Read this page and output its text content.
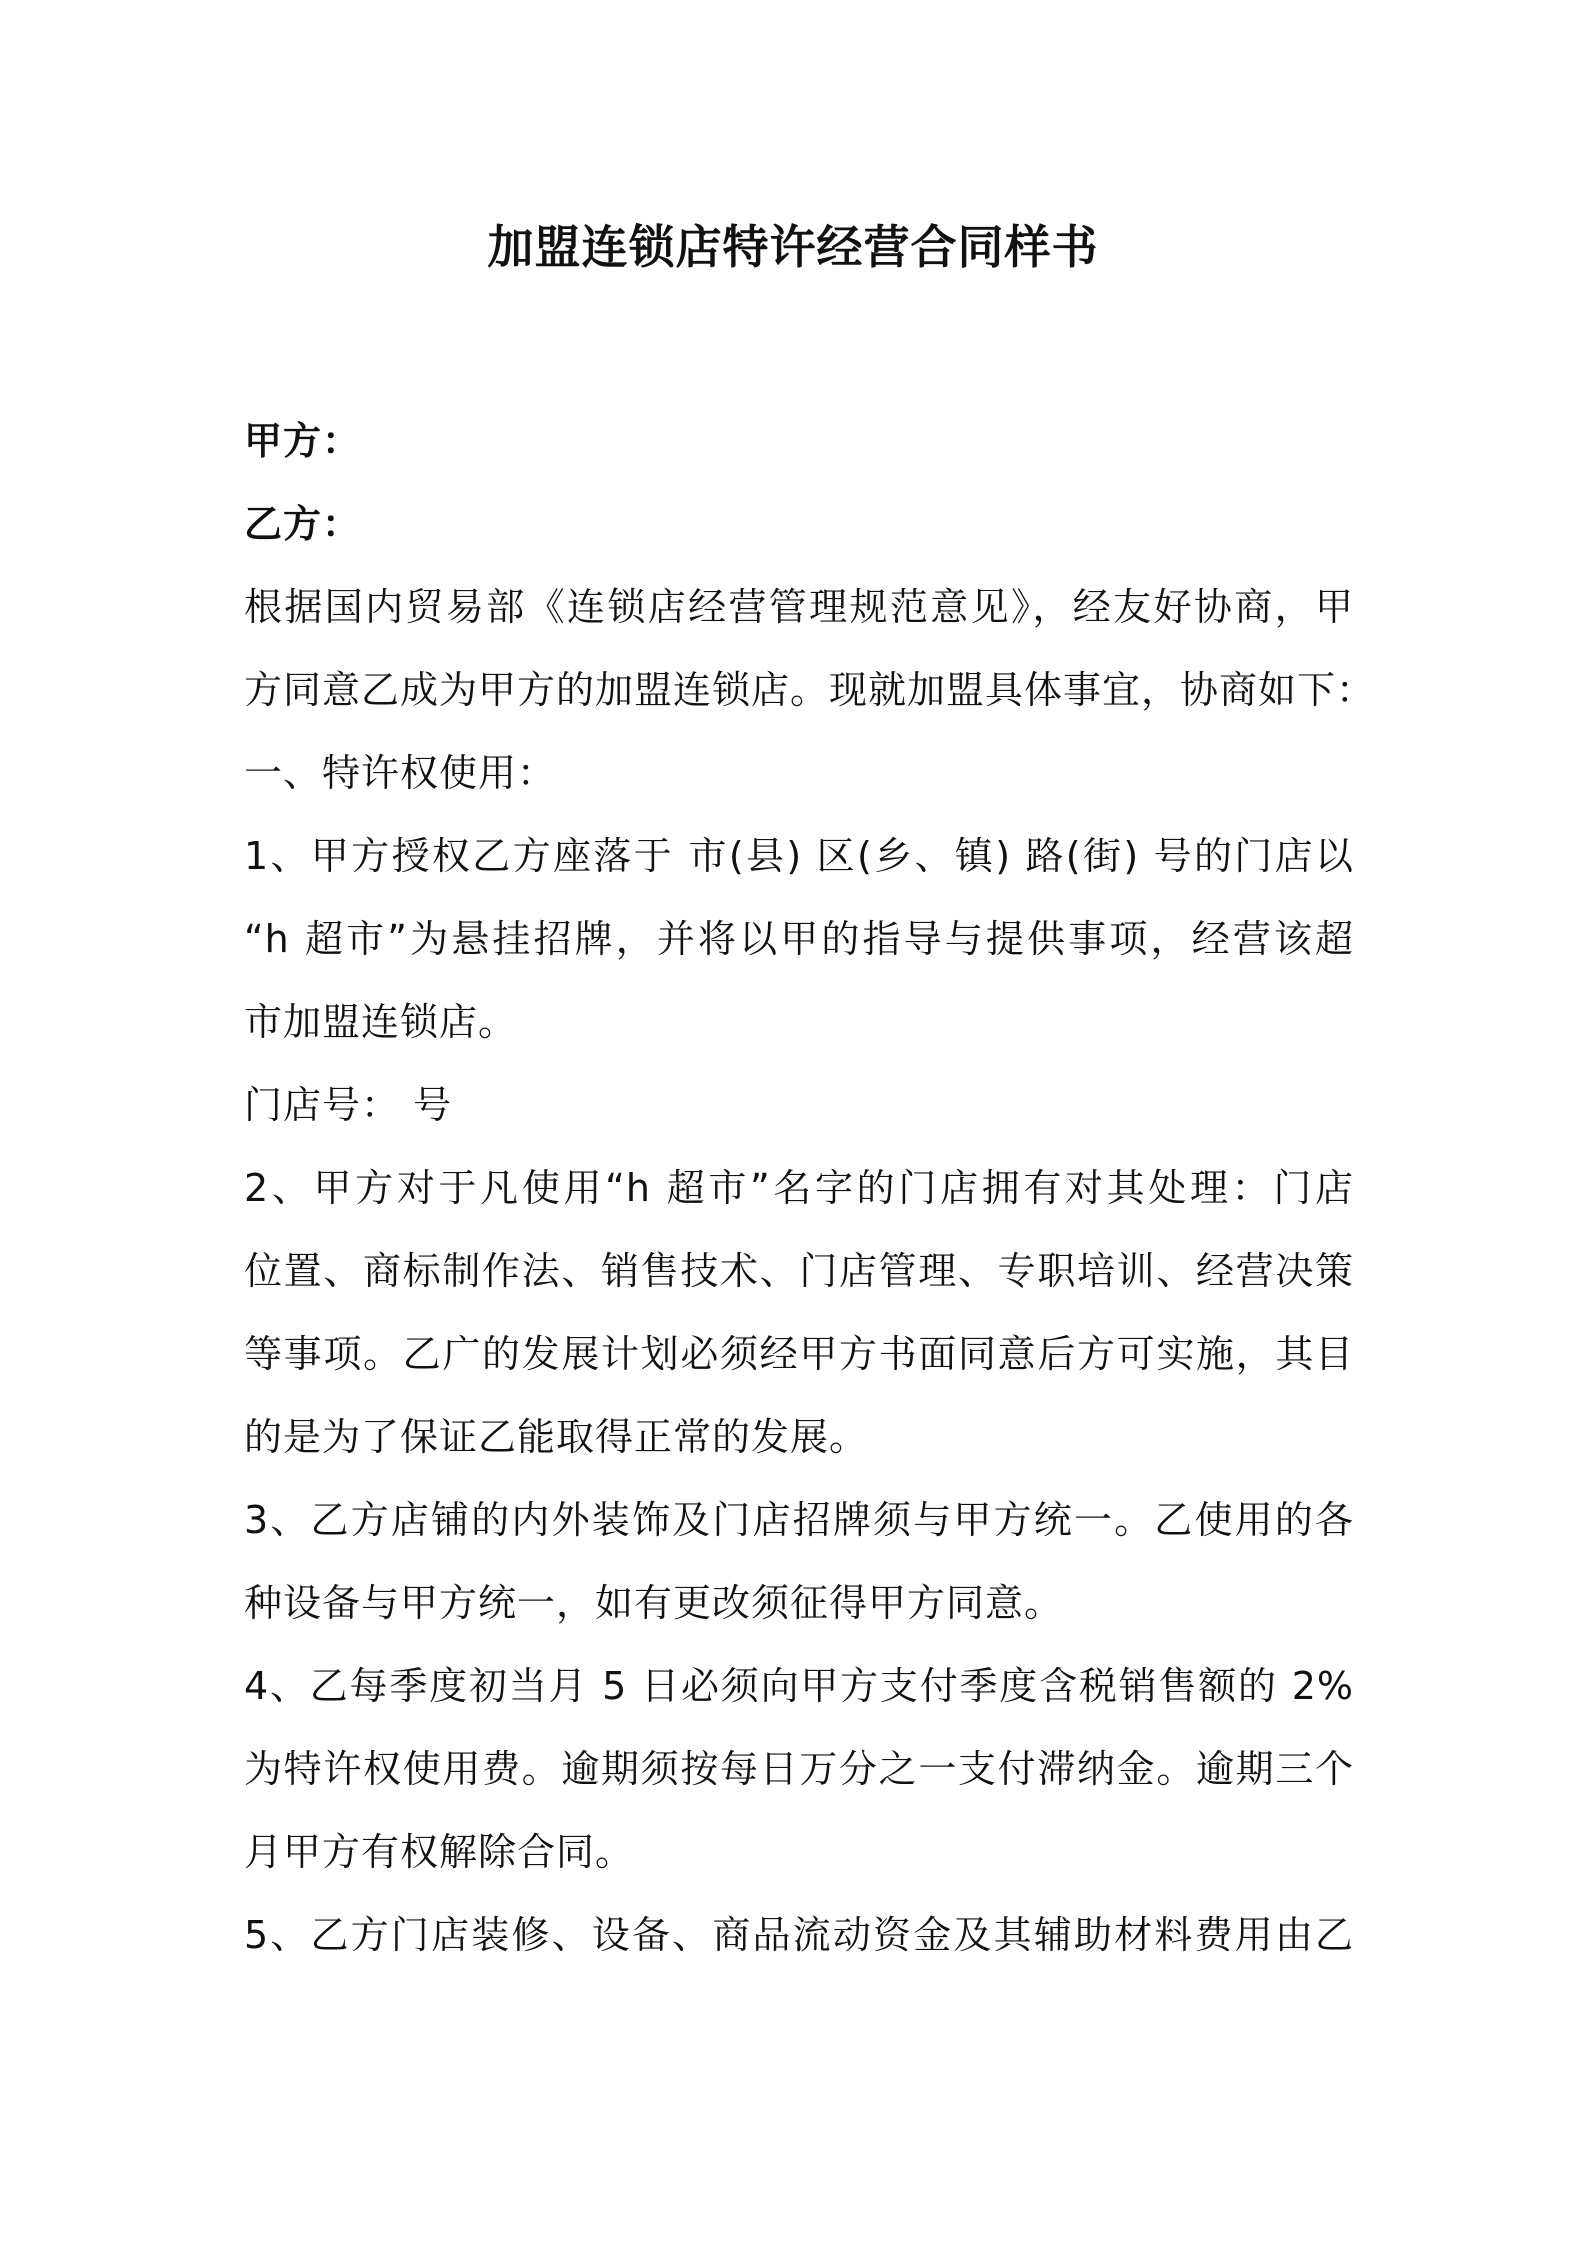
加盟连锁店特许经营合同样书
甲方：
乙方：
根据国内贸易部《连锁店经营管理规范意见》，经友好协商，甲
方同意乙成为甲方的加盟连锁店。现就加盟具体事宜，协商如下：
一、特许权使用：
1、甲方授权乙方座落于 市(县) 区(乡、镇) 路(街) 号的门店以
“h 超市”为悬挂招牌，并将以甲的指导与提供事项，经营该超
市加盟连锁店。
门店号： 号
2、甲方对于凡使用“h 超市”名字的门店拥有对其处理：门店
位置、商标制作法、销售技术、门店管理、专职培训、经营决策
等事项。乙广的发展计划必须经甲方书面同意后方可实施，其目
的是为了保证乙能取得正常的发展。
3、乙方店铺的内外装饰及门店招牌须与甲方统一。乙使用的各
种设备与甲方统一，如有更改须征得甲方同意。
4、乙每季度初当月 5 日必须向甲方支付季度含税销售额的 2%
为特许权使用费。逾期须按每日万分之一支付滞纳金。逾期三个
月甲方有权解除合同。
5、乙方门店装修、设备、商品流动资金及其辅助材料费用由乙
